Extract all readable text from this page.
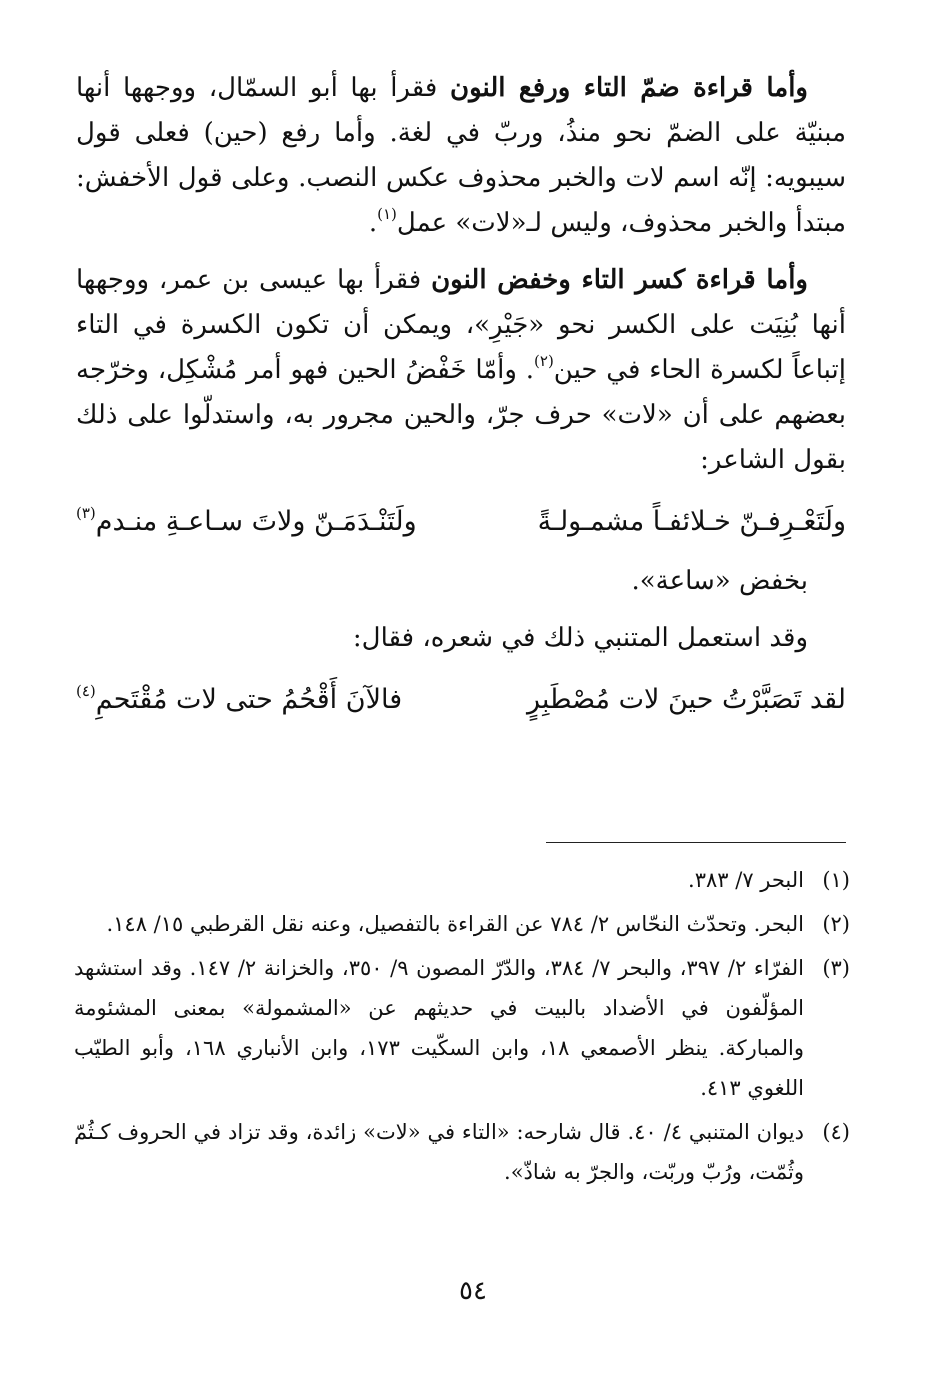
وأما قراءة ضمّ التاء ورفع النون فقرأ بها أبو السمّال، ووجهها أنها مبنيّة على الضمّ نحو منذُ، وربّ في لغة. وأما رفع (حين) فعلى قول سيبويه: إنّه اسم لات والخبر محذوف عكس النصب. وعلى قول الأخفش: مبتدأ والخبر محذوف، وليس لـ«لات» عمل$^{(١)}$.

وأما قراءة كسر التاء وخفض النون فقرأ بها عيسى بن عمر، ووجهها أنها بُنِيَت على الكسر نحو «جَيْرِ»، ويمكن أن تكون الكسرة في التاء إتباعاً لكسرة الحاء في حين$^{(٢)}$. وأمّا خَفْضُ الحين فهو أمر مُشْكِل، وخرّجه بعضهم على أن «لات» حرف جرّ، والحين مجرور به، واستدلّوا على ذلك بقول الشاعر:

ولَتَعْـرِفـنّ خـلائفـاً مشمـولـةً
ولَتَنْـدَمَـنّ ولاتَ سـاعـةِ منـدم$^{(٣)}$

بخفض «ساعة».

وقد استعمل المتنبي ذلك في شعره، فقال:

لقد تَصَبَّرْتُ حينَ لات مُصْطَبِرٍ
فالآنَ أَقْحُمُ حتى لات مُقْتَحمِ$^{(٤)}$
(١)
البحر ٧/ ٣٨٣.
(٢)
البحر. وتحدّث النحّاس ٢/ ٧٨٤ عن القراءة بالتفصيل، وعنه نقل القرطبي ١٥/ ١٤٨.
(٣)
الفرّاء ٢/ ٣٩٧، والبحر ٧/ ٣٨٤، والدّرّ المصون ٩/ ٣٥٠، والخزانة ٢/ ١٤٧. وقد استشهد المؤلّفون في الأضداد بالبيت في حديثهم عن «المشمولة» بمعنى المشئومة والمباركة. ينظر الأصمعي ١٨، وابن السكّيت ١٧٣، وابن الأنباري ١٦٨، وأبو الطيّب اللغوي ٤١٣.
(٤)
ديوان المتنبي ٤/ ٤٠. قال شارحه: «التاء في «لات» زائدة، وقد تزاد في الحروف كـثُمّ وثُمّت، ورُبّ وربّت، والجرّ به شاذّ».
٥٤
